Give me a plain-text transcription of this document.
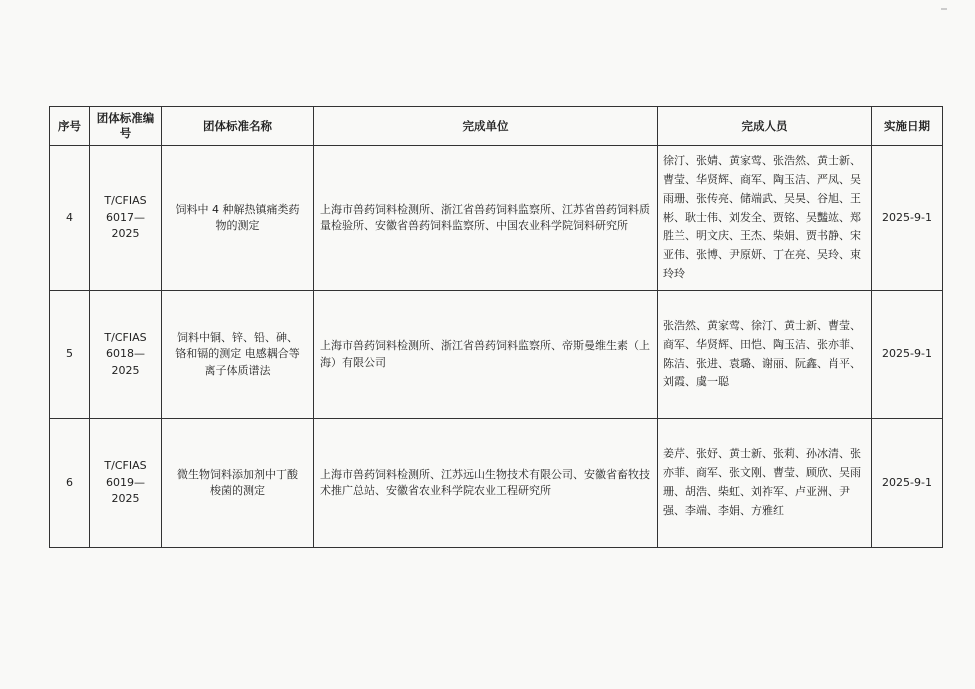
序号	团体标准编号	团体标准名称	完成单位	完成人员	实施日期
4	T/CFIAS 6017—2025	饲料中 4 种解热镇痛类药物的测定	上海市兽药饲料检测所、浙江省兽药饲料监察所、江苏省兽药饲料质量检验所、安徽省兽药饲料监察所、中国农业科学院饲料研究所	徐汀、张婧、黄家莺、张浩然、黄士新、曹莹、华贤辉、商军、陶玉洁、严凤、吴雨珊、张传亮、储端武、吴昊、谷旭、王彬、耿士伟、刘发全、贾铭、吴豔竑、郑胜兰、明文庆、王杰、柴娟、贾书静、宋亚伟、张博、尹原妍、丁在亮、吴玲、束玲玲	2025-9-1
5	T/CFIAS 6018—2025	饲料中铜、锌、铅、砷、铬和镉的测定 电感耦合等离子体质谱法	上海市兽药饲料检测所、浙江省兽药饲料监察所、帝斯曼维生素（上海）有限公司	张浩然、黄家莺、徐汀、黄士新、曹莹、商军、华贤辉、田恺、陶玉洁、张亦菲、陈洁、张进、袁璐、谢丽、阮鑫、肖平、刘霞、虞一聪	2025-9-1
6	T/CFIAS 6019—2025	微生物饲料添加剂中丁酸梭菌的测定	上海市兽药饲料检测所、江苏远山生物技术有限公司、安徽省畜牧技术推广总站、安徽省农业科学院农业工程研究所	姜芹、张妤、黄士新、张莉、孙冰清、张亦菲、商军、张文刚、曹莹、顾欣、吴雨珊、胡浩、柴虹、刘祚军、卢亚洲、尹强、李端、李娟、方雅红	2025-9-1
